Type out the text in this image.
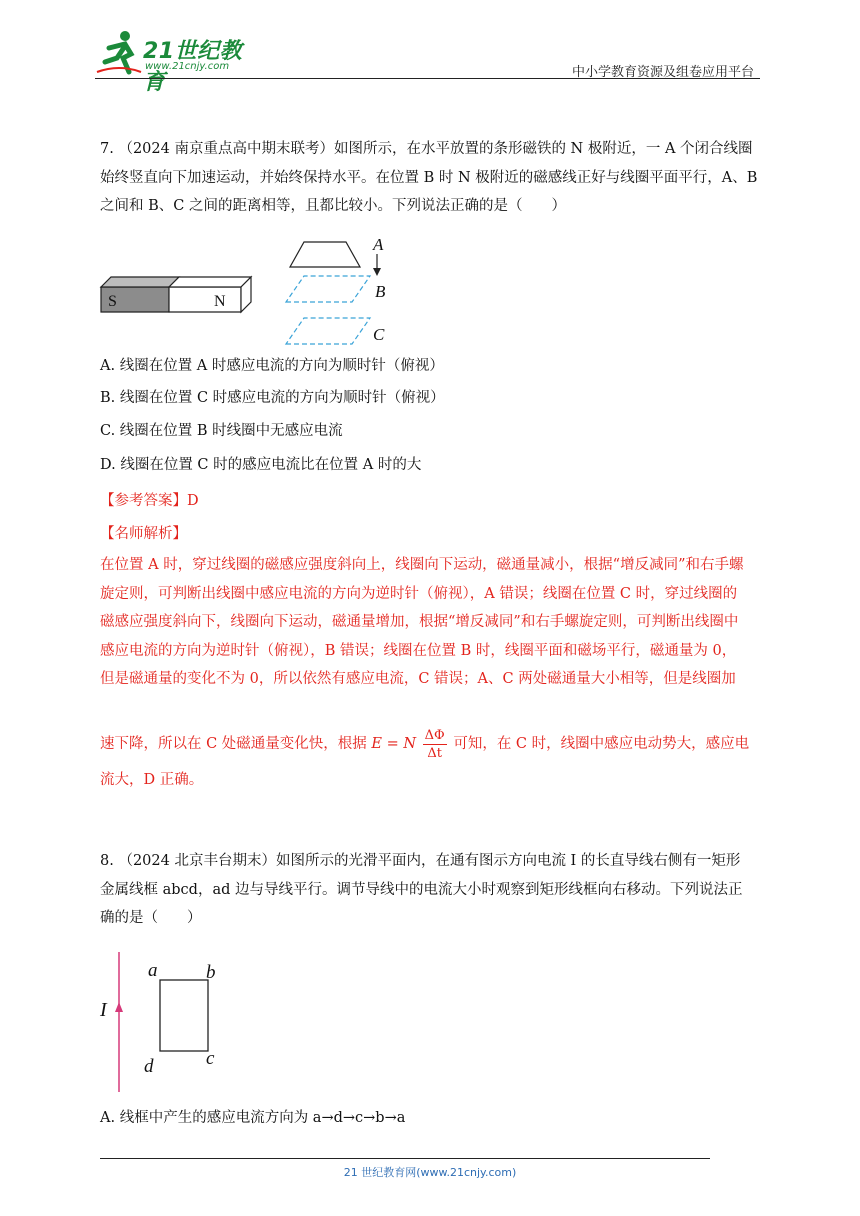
21世纪教育
www.21cnjy.com	中小学教育资源及组卷应用平台
7. （2024 南京重点高中期末联考）如图所示，在水平放置的条形磁铁的 N 极附近，一 A 个闭合线圈
始终竖直向下加速运动，并始终保持水平。在位置 B 时 N 极附近的磁感线正好与线圈平面平行，A、B
之间和 B、C 之间的距离相等，且都比较小。下列说法正确的是（　　）
S	N
A
B
C
A. 线圈在位置 A 时感应电流的方向为顺时针（俯视）
B. 线圈在位置 C 时感应电流的方向为顺时针（俯视）
C. 线圈在位置 B 时线圈中无感应电流
D. 线圈在位置 C 时的感应电流比在位置 A 时的大
【参考答案】D
【名师解析】
在位置 A 时，穿过线圈的磁感应强度斜向上，线圈向下运动，磁通量减小，根据“增反减同”和右手螺
旋定则，可判断出线圈中感应电流的方向为逆时针（俯视），A 错误；线圈在位置 C 时，穿过线圈的
磁感应强度斜向下，线圈向下运动，磁通量增加，根据“增反减同”和右手螺旋定则，可判断出线圈中
感应电流的方向为逆时针（俯视），B 错误；线圈在位置 B 时，线圈平面和磁场平行，磁通量为 0，
但是磁通量的变化不为 0，所以依然有感应电流，C 错误；A、C 两处磁通量大小相等，但是线圈加
速下降，所以在 C 处磁通量变化快，根据 E = N $\frac{\Delta\Phi}{\Delta t}$ 可知，在 C 时，线圈中感应电动势大，感应电
流大，D 正确。
8. （2024 北京丰台期末）如图所示的光滑平面内，在通有图示方向电流 I 的长直导线右侧有一矩形
金属线框 abcd，ad 边与导线平行。调节导线中的电流大小时观察到矩形线框向右移动。下列说法正
确的是（　　）
I
a	b
c
d
A. 线框中产生的感应电流方向为 a→d→c→b→a
21 世纪教育网(www.21cnjy.com)
